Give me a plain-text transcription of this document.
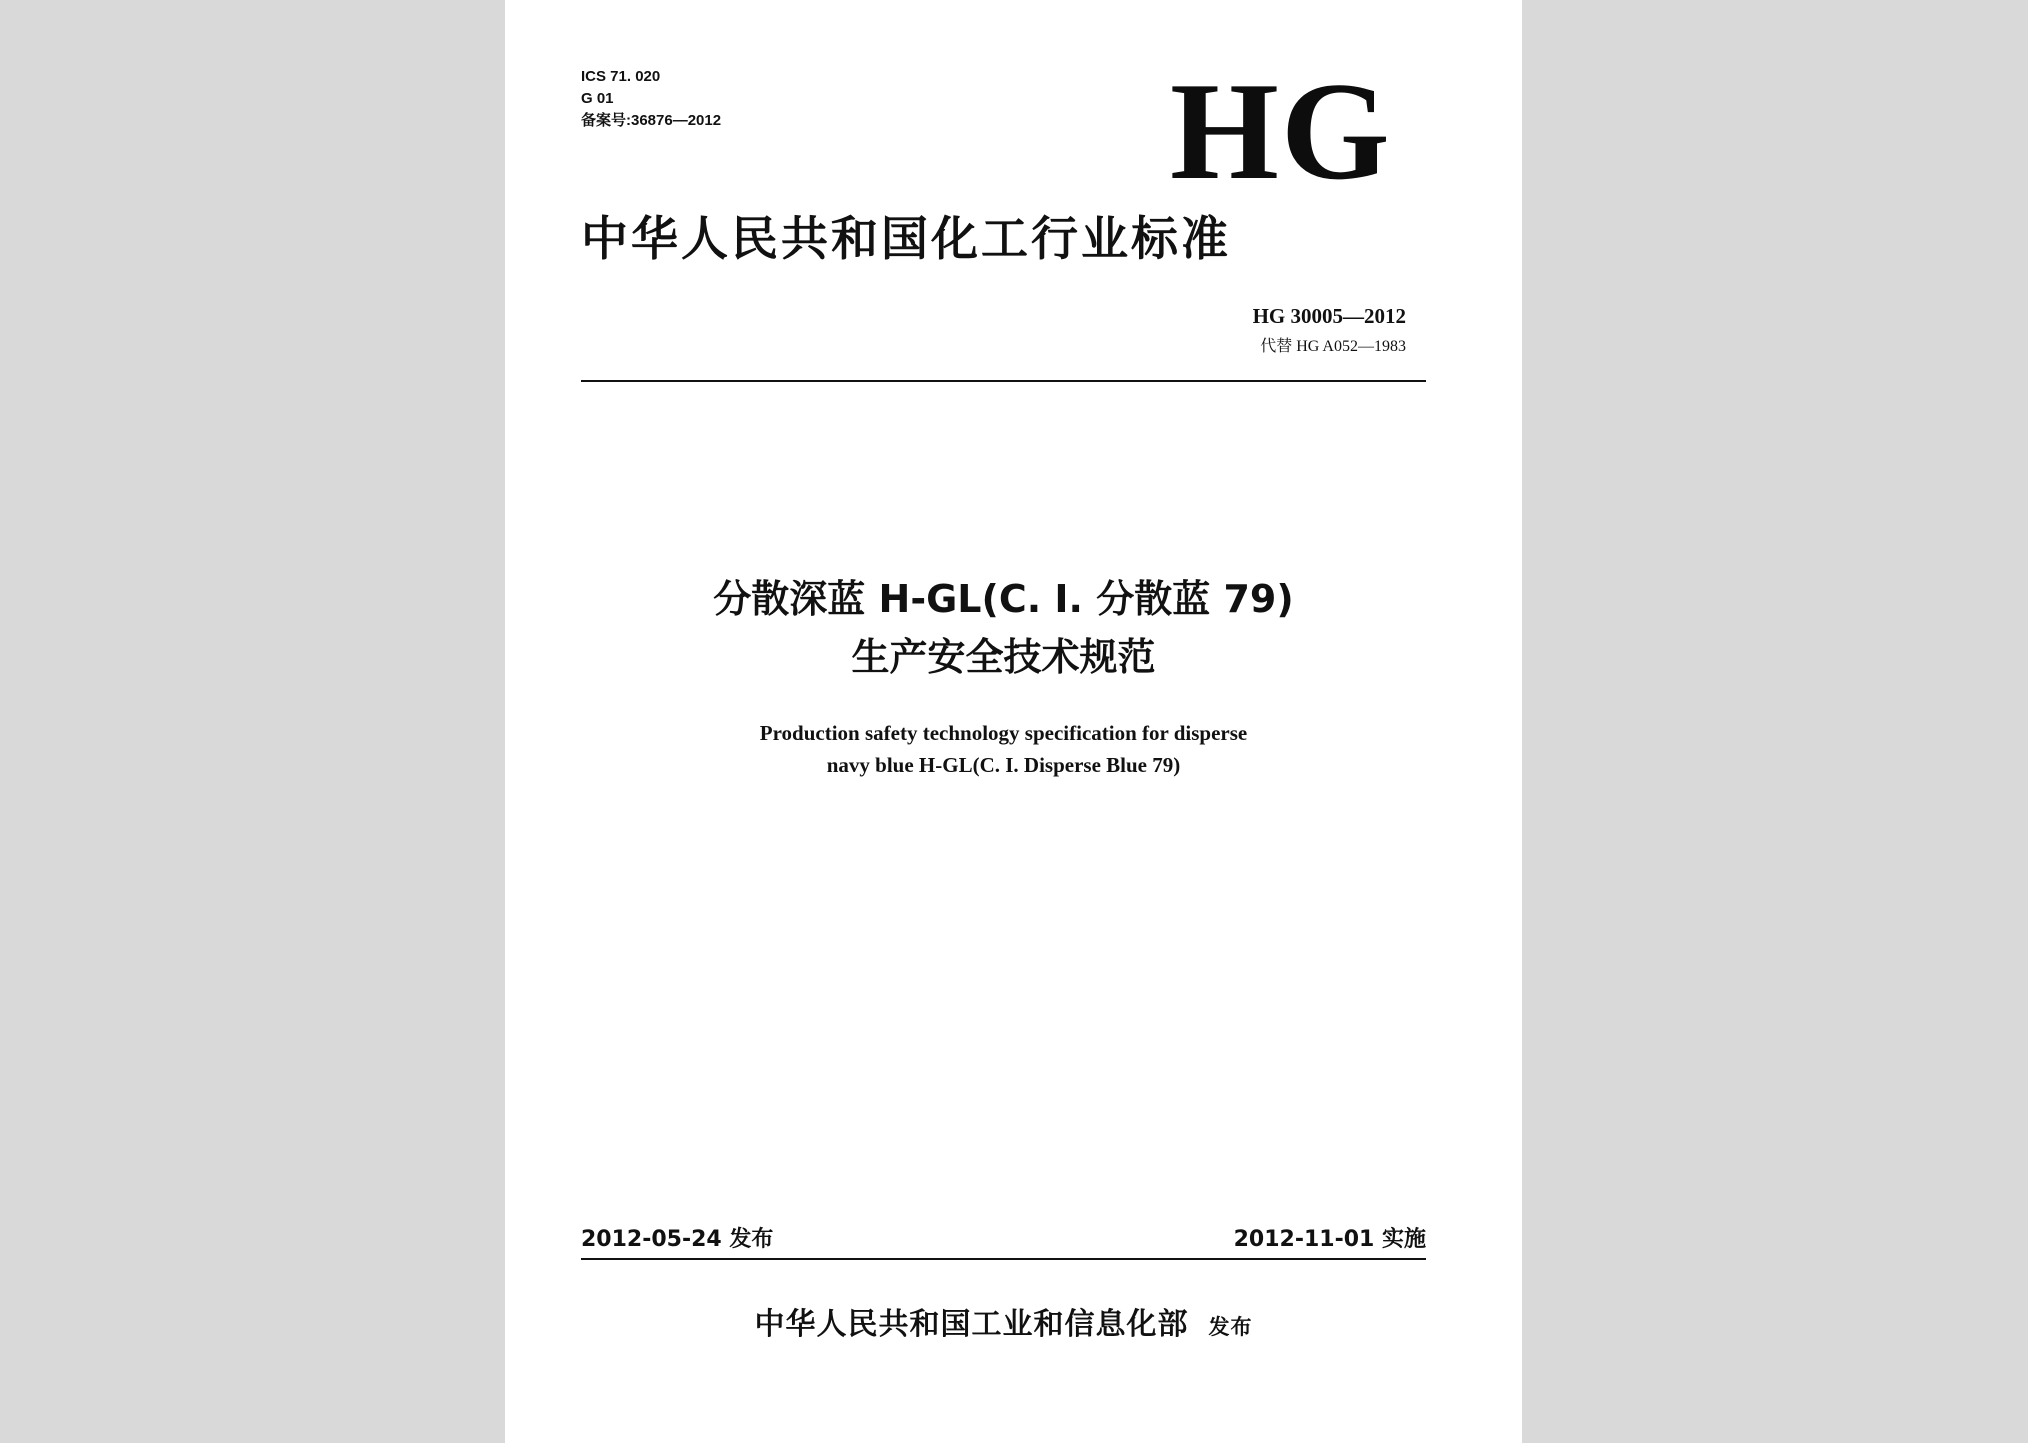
ICS 71. 020
G 01
备案号:36876—2012	HG
中华人民共和国化工行业标准
HG 30005—2012
代替 HG A052—1983
分散深蓝 H-GL(C. I. 分散蓝 79)
生产安全技术规范
Production safety technology specification for disperse
navy blue H-GL(C. I. Disperse Blue 79)
2012-05-24 发布	2012-11-01 实施
中华人民共和国工业和信息化部 发布
